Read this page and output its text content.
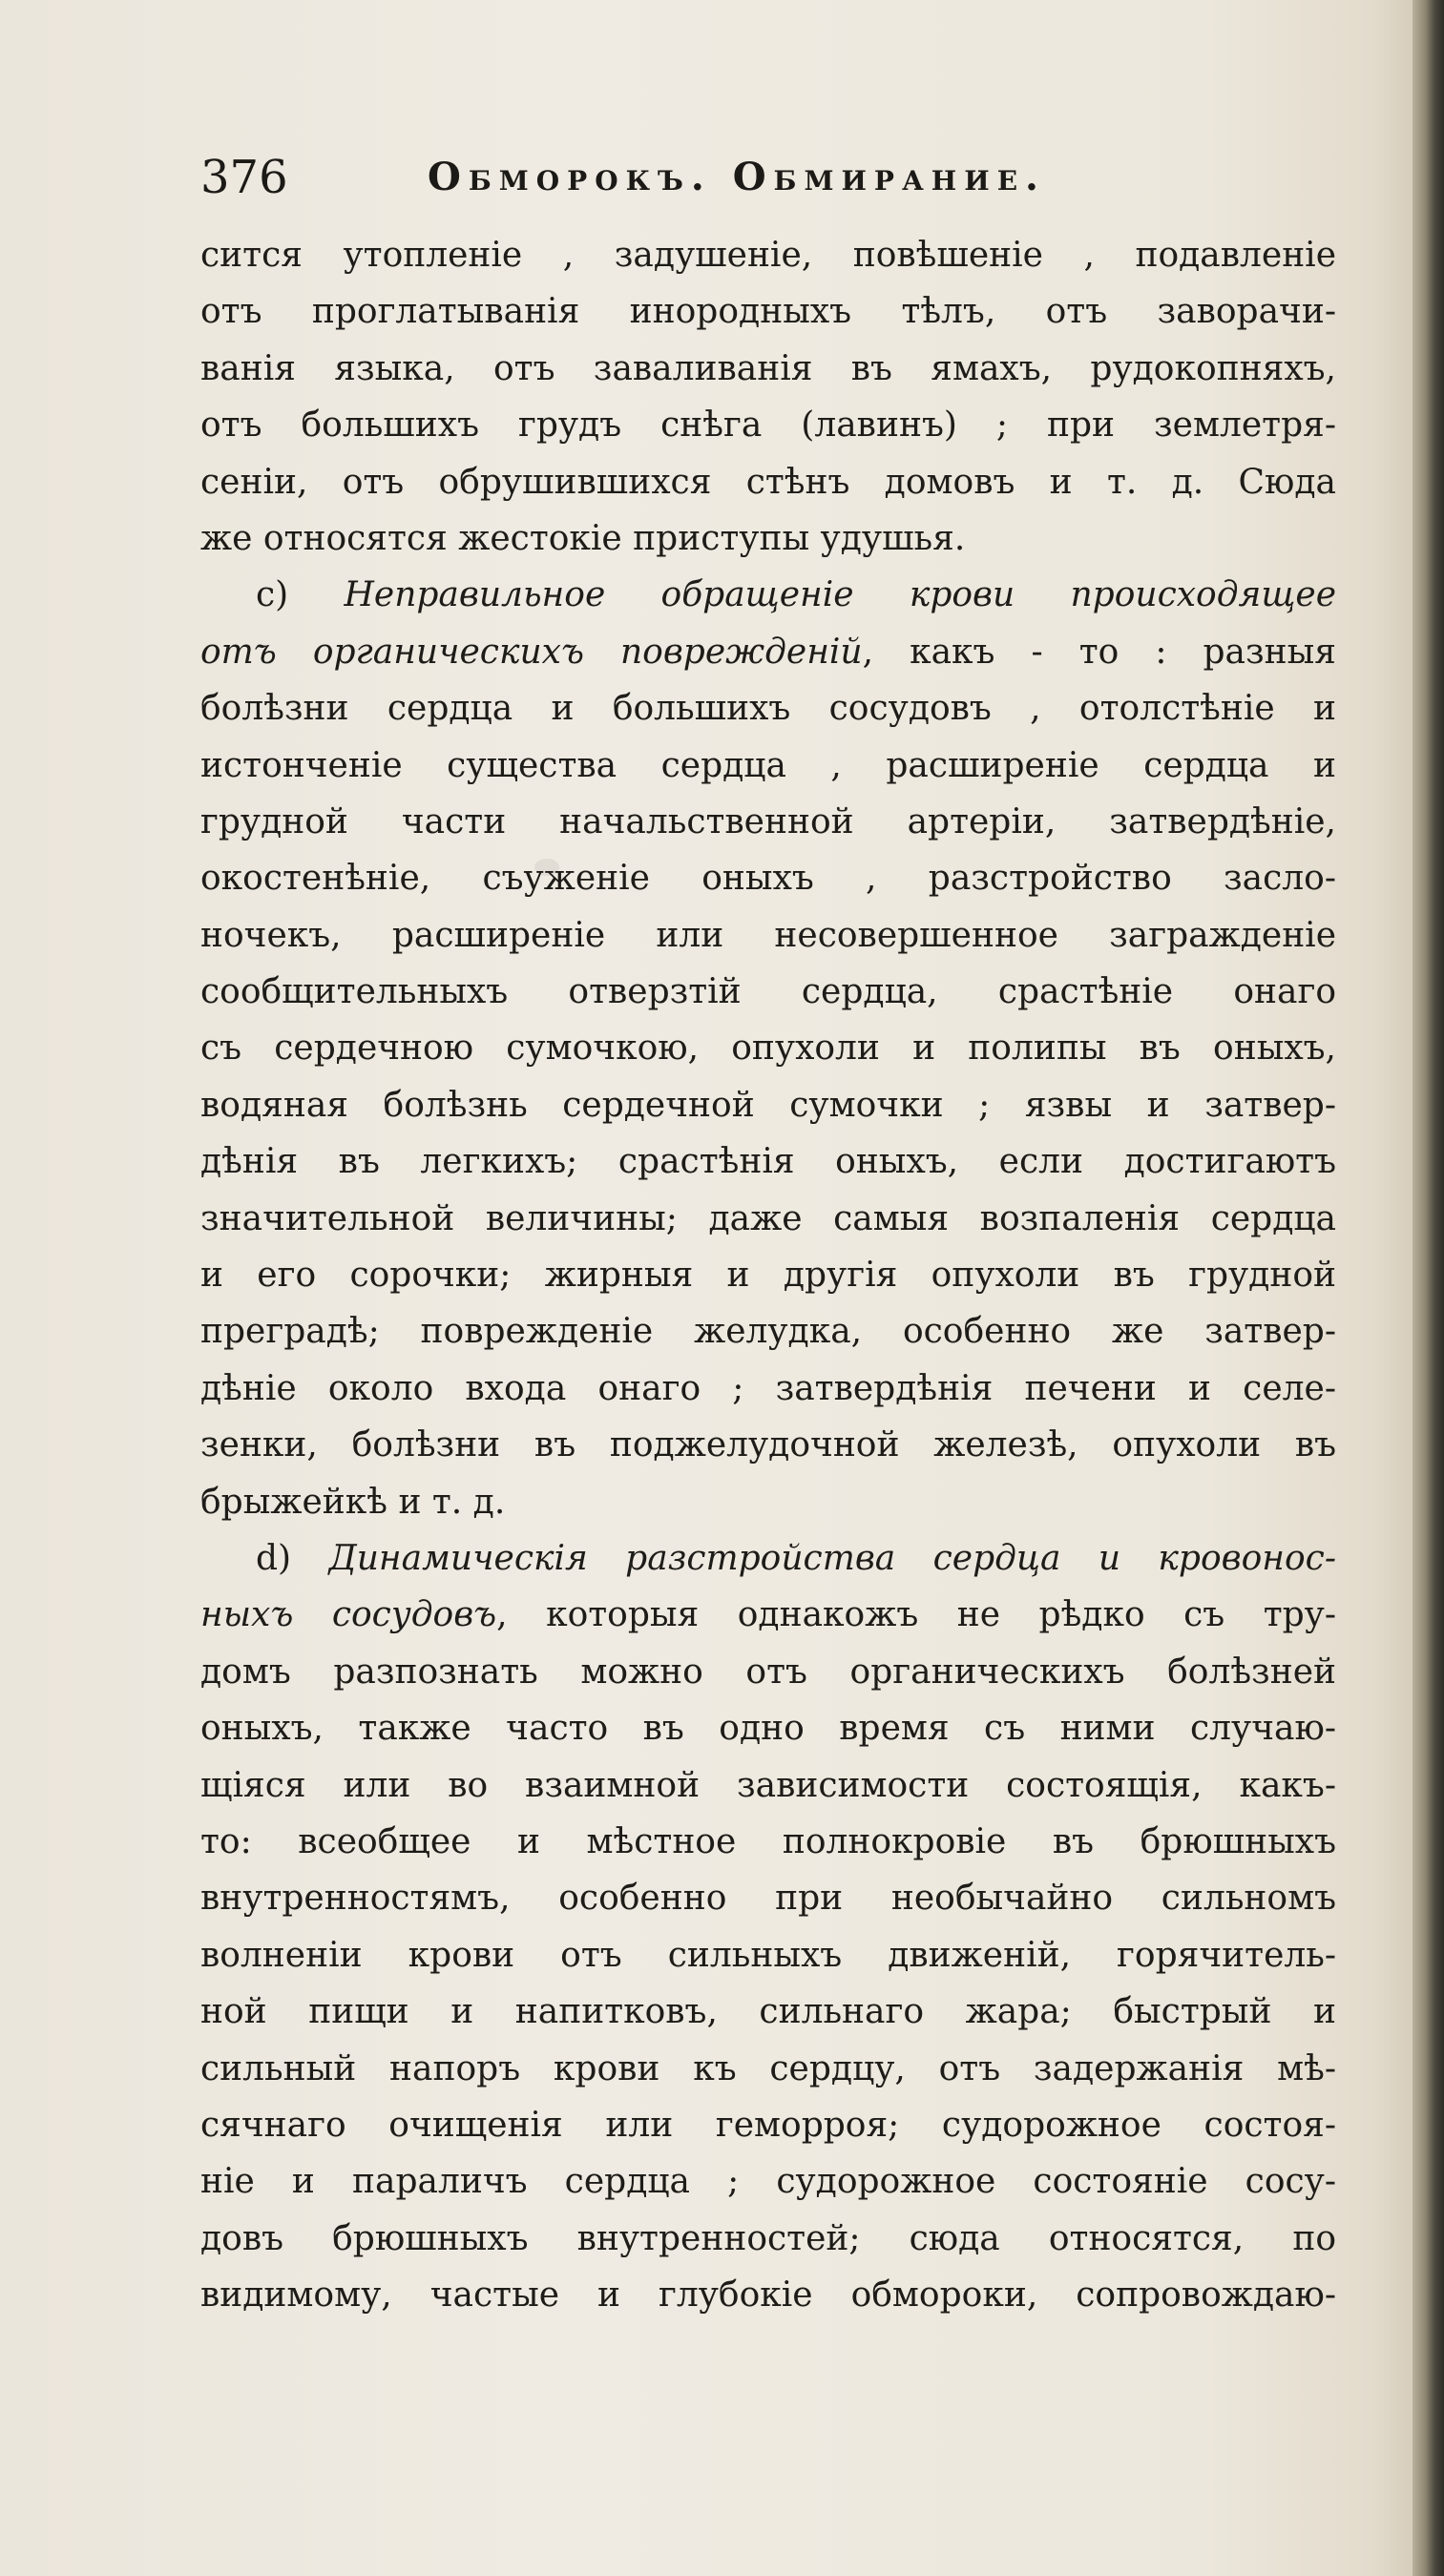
376	Обморокъ. Обмирание.
сится утопленіе , задушеніе, повѣшеніе , подавленіе
отъ проглатыванія инородныхъ тѣлъ, отъ заворачи-
ванія языка, отъ заваливанія въ ямахъ, рудокопняхъ,
отъ большихъ грудъ снѣга (лавинъ) ; при землетря-
сеніи, отъ обрушившихся стѣнъ домовъ и т. д. Сюда
же относятся жестокіе приступы удушья.
c) Неправильное обращеніе крови происходящее
отъ органическихъ поврежденій, какъ - то : разныя
болѣзни сердца и большихъ сосудовъ , отолстѣніе и
истонченіе существа сердца , расширеніе сердца и
грудной части начальственной артеріи, затвердѣніе,
окостенѣніе, съуженіе оныхъ , разстройство засло-
ночекъ, расширеніе или несовершенное загражденіе
сообщительныхъ отверзтій сердца, срастѣніе онаго
съ сердечною сумочкою, опухоли и полипы въ оныхъ,
водяная болѣзнь сердечной сумочки ; язвы и затвер-
дѣнія въ легкихъ; срастѣнія оныхъ, если достигаютъ
значительной величины; даже самыя возпаленія сердца
и его сорочки; жирныя и другія опухоли въ грудной
преградѣ; поврежденіе желудка, особенно же затвер-
дѣніе около входа онаго ; затвердѣнія печени и селе-
зенки, болѣзни въ поджелудочной железѣ, опухоли въ
брыжейкѣ и т. д.
d) Динамическія разстройства сердца и кровонос-
ныхъ сосудовъ, которыя однакожъ не рѣдко съ тру-
домъ разпознать можно отъ органическихъ болѣзней
оныхъ, также часто въ одно время съ ними случаю-
щіяся или во взаимной зависимости состоящія, какъ-
то: всеобщее и мѣстное полнокровіе въ брюшныхъ
внутренностямъ, особенно при необычайно сильномъ
волненіи крови отъ сильныхъ движеній, горячитель-
ной пищи и напитковъ, сильнаго жара; быстрый и
сильный напоръ крови къ сердцу, отъ задержанія мѣ-
сячнаго очищенія или геморроя; судорожное состоя-
ніе и параличъ сердца ; судорожное состояніе сосу-
довъ брюшныхъ внутренностей; сюда относятся, по
видимому, частые и глубокіе обмороки, сопровождаю-
